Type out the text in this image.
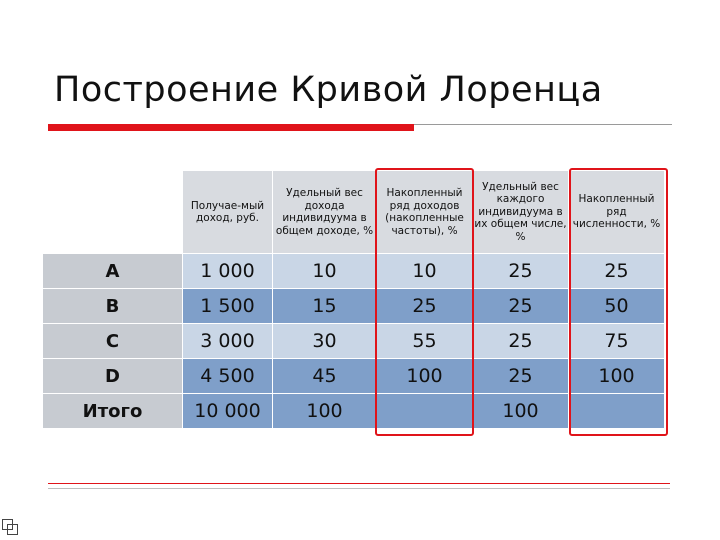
Построение Кривой Лоренца
	Получае-мый доход, руб.	Удельный вес дохода индивидуума в общем доходе, %	Накопленный ряд доходов (накопленные частоты), %	Удельный вес каждого индивидуума в их общем числе, %	Накопленный ряд численности, %
A	1 000	10	10	25	25
B	1 500	15	25	25	50
C	3 000	30	55	25	75
D	4 500	45	100	25	100
Итого	10 000	100		100	
